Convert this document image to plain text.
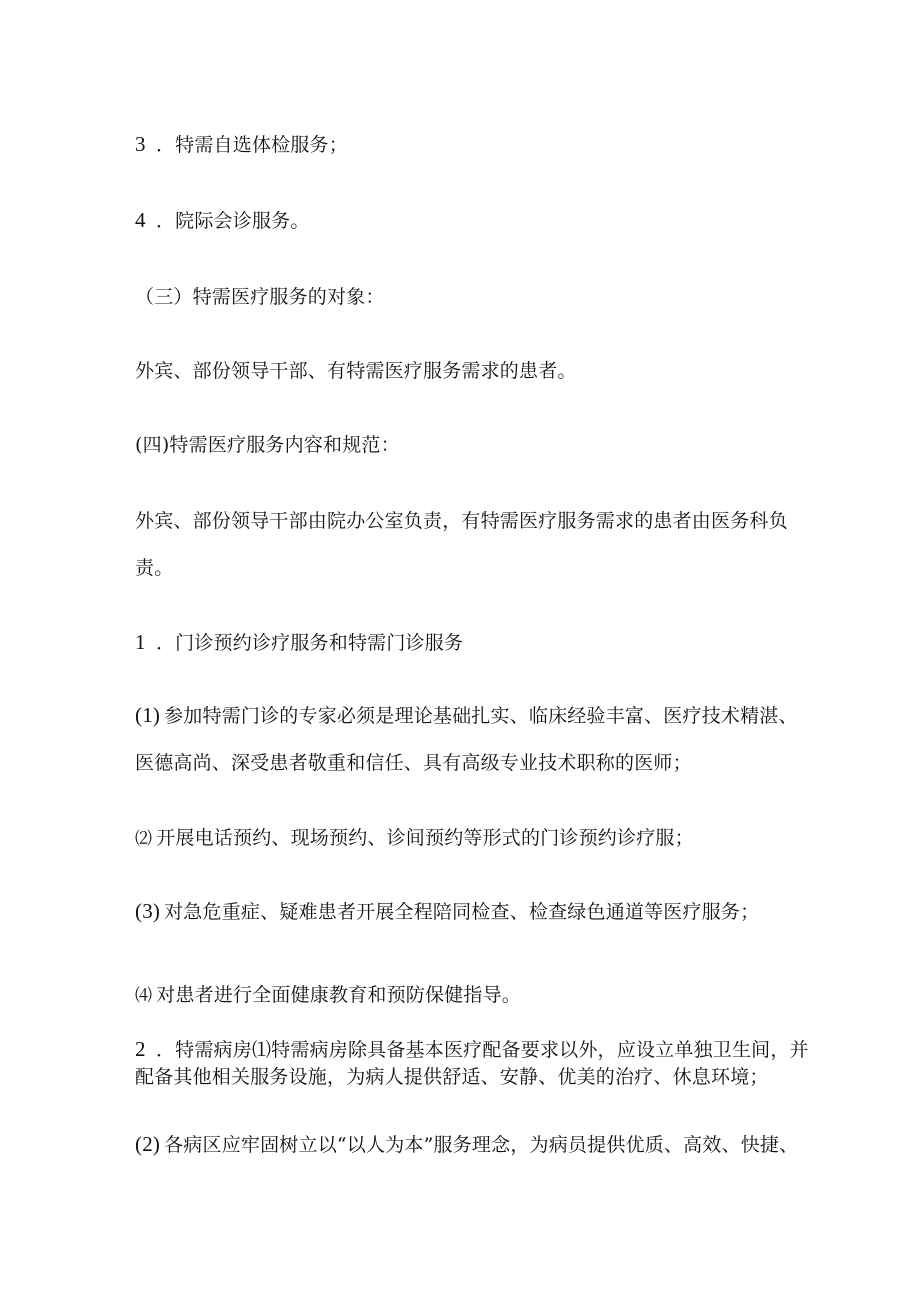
3 ．特需自选体检服务；
4 ．院际会诊服务。
（三）特需医疗服务的对象：
外宾、部份领导干部、有特需医疗服务需求的患者。
(四)特需医疗服务内容和规范：
外宾、部份领导干部由院办公室负责，有特需医疗服务需求的患者由医务科负
责。
1 ．门诊预约诊疗服务和特需门诊服务
(1) 参加特需门诊的专家必须是理论基础扎实、临床经验丰富、医疗技术精湛、
医德高尚、深受患者敬重和信任、具有高级专业技术职称的医师；
⑵ 开展电话预约、现场预约、诊间预约等形式的门诊预约诊疗服；
(3) 对急危重症、疑难患者开展全程陪同检查、检查绿色通道等医疗服务；
⑷ 对患者进行全面健康教育和预防保健指导。
2 ．特需病房⑴特需病房除具备基本医疗配备要求以外，应设立单独卫生间，并
配备其他相关服务设施，为病人提供舒适、安静、优美的治疗、休息环境；
(2) 各病区应牢固树立以“以人为本”服务理念，为病员提供优质、高效、快捷、
